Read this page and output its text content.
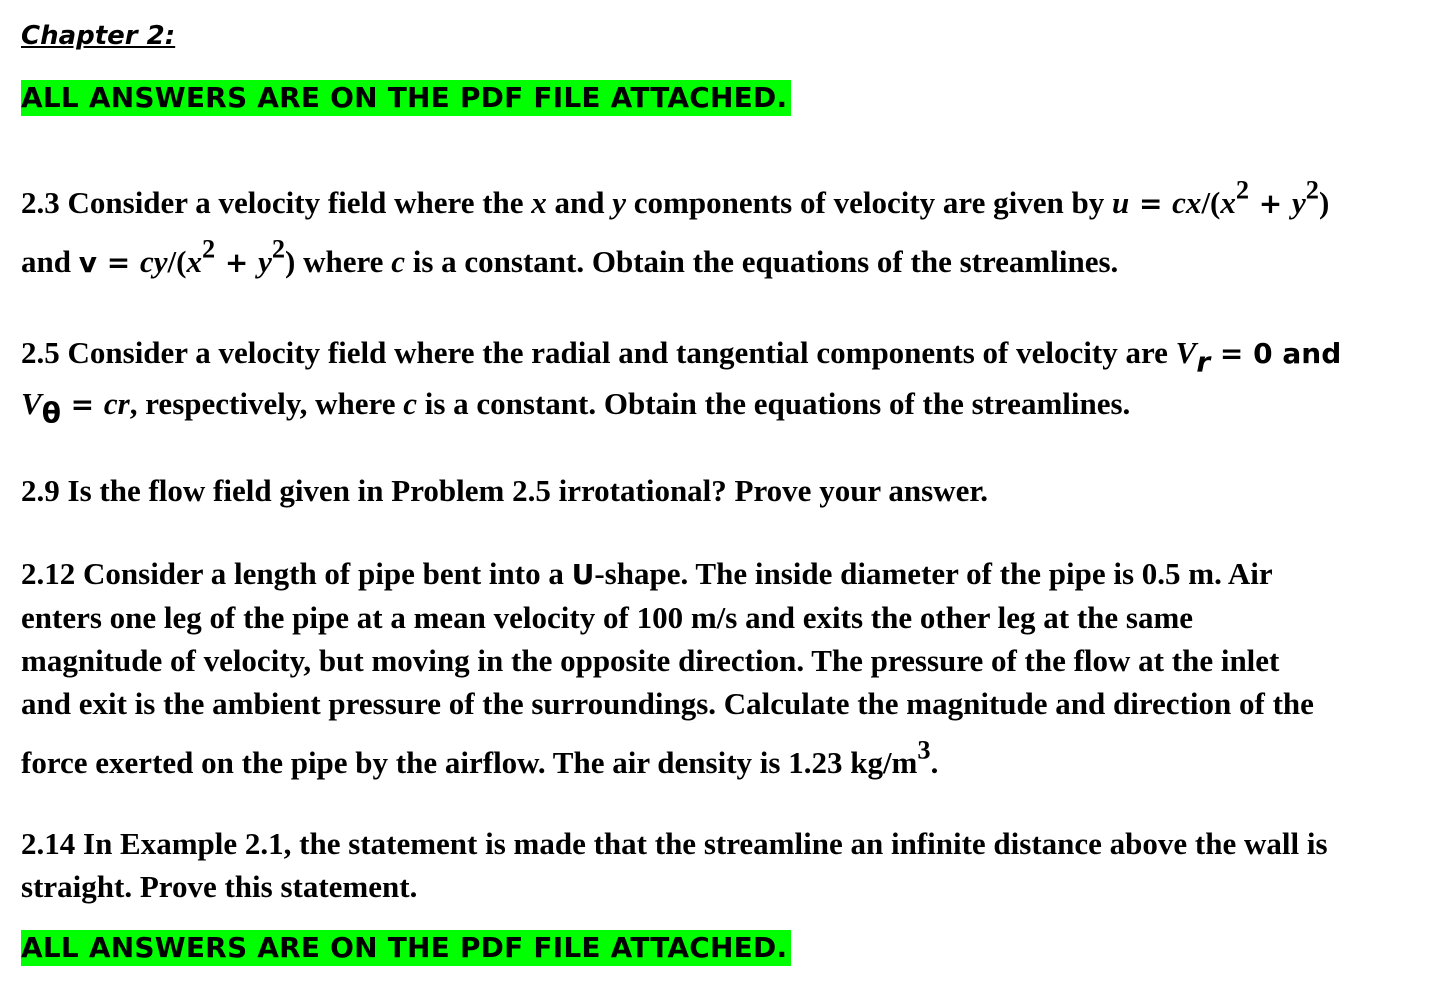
Chapter 2:
ALL ANSWERS ARE ON THE PDF FILE ATTACHED.
2.3 Consider a velocity field where the x and y components of velocity are given by $u = cx/(x^2 + y^2)$
and $v = cy/(x^2 + y^2)$ where c is a constant. Obtain the equations of the streamlines.
2.5 Consider a velocity field where the radial and tangential components of velocity are $V_r = 0$ and
$V_\theta$ = cr, respectively, where c is a constant. Obtain the equations of the streamlines.
2.9 Is the flow field given in Problem 2.5 irrotational? Prove your answer.
2.12 Consider a length of pipe bent into a U-shape. The inside diameter of the pipe is 0.5 m. Air
enters one leg of the pipe at a mean velocity of 100 m/s and exits the other leg at the same
magnitude of velocity, but moving in the opposite direction. The pressure of the flow at the inlet
and exit is the ambient pressure of the surroundings. Calculate the magnitude and direction of the
force exerted on the pipe by the airflow. The air density is 1.23 $kg/m^3$.
2.14 In Example 2.1, the statement is made that the streamline an infinite distance above the wall is
straight. Prove this statement.
ALL ANSWERS ARE ON THE PDF FILE ATTACHED.
